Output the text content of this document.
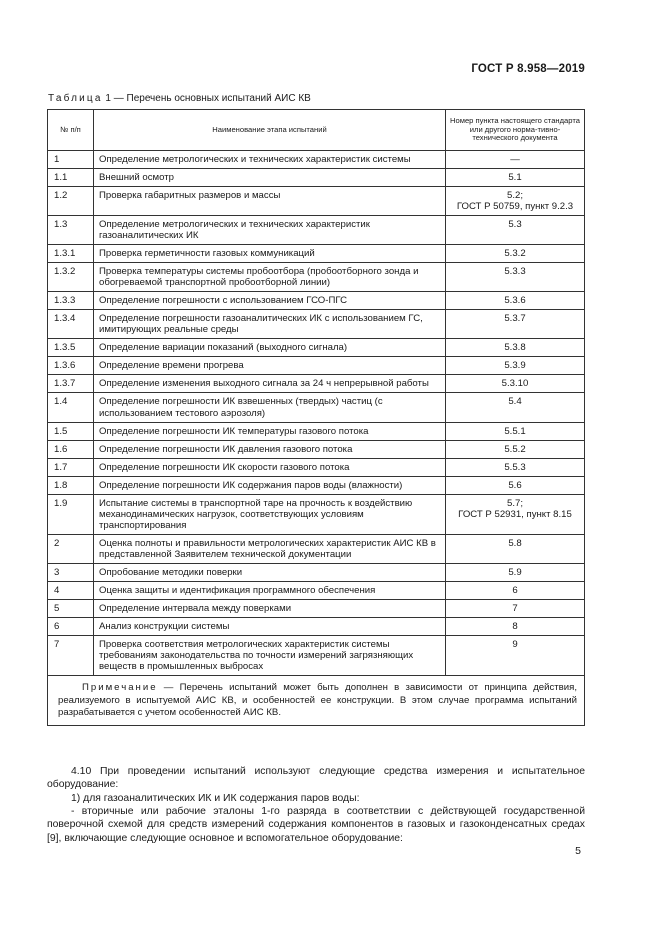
ГОСТ Р 8.958—2019
Таблица 1 — Перечень основных испытаний АИС КВ
№ п/п	Наименование этапа испытаний	Номер пункта настоящего стандарта или другого норма-тивно-технического документа
1	Определение метрологических и технических характеристик системы	—
1.1	Внешний осмотр	5.1
1.2	Проверка габаритных размеров и массы	5.2;
ГОСТ Р 50759, пункт 9.2.3
1.3	Определение метрологических и технических характеристик газоаналитических ИК	5.3
1.3.1	Проверка герметичности газовых коммуникаций	5.3.2
1.3.2	Проверка температуры системы пробоотбора (пробоотборного зонда и обогреваемой транспортной пробоотборной линии)	5.3.3
1.3.3	Определение погрешности с использованием ГСО-ПГС	5.3.6
1.3.4	Определение погрешности газоаналитических ИК с использованием ГС, имитирующих реальные среды	5.3.7
1.3.5	Определение вариации показаний (выходного сигнала)	5.3.8
1.3.6	Определение времени прогрева	5.3.9
1.3.7	Определение изменения выходного сигнала за 24 ч непрерывной работы	5.3.10
1.4	Определение погрешности ИК взвешенных (твердых) частиц (с использованием тестового аэрозоля)	5.4
1.5	Определение погрешности ИК температуры газового потока	5.5.1
1.6	Определение погрешности ИК давления газового потока	5.5.2
1.7	Определение погрешности ИК скорости газового потока	5.5.3
1.8	Определение погрешности ИК содержания паров воды (влажности)	5.6
1.9	Испытание системы в транспортной таре на прочность к воздействию механодинамических нагрузок, соответствующих условиям транспортирования	5.7;
ГОСТ Р 52931, пункт 8.15
2	Оценка полноты и правильности метрологических характеристик АИС КВ в представленной Заявителем технической документации	5.8
3	Опробование методики поверки	5.9
4	Оценка защиты и идентификация программного обеспечения	6
5	Определение интервала между поверками	7
6	Анализ конструкции системы	8
7	Проверка соответствия метрологических характеристик системы требованиям законодательства по точности измерений загрязняющих веществ в промышленных выбросах	9

Примечание — Перечень испытаний может быть дополнен в зависимости от принципа действия, реализуемого в испытуемой АИС КВ, и особенностей ее конструкции. В этом случае программа испытаний разрабатывается с учетом особенностей АИС КВ.		

4.10 При проведении испытаний используют следующие средства измерения и испытательное оборудование:

1) для газоаналитических ИК и ИК содержания паров воды:

- вторичные или рабочие эталоны 1-го разряда в соответствии с действующей государственной поверочной схемой для средств измерений содержания компонентов в газовых и газоконденсатных средах [9], включающие следующие основное и вспомогательное оборудование:

5
